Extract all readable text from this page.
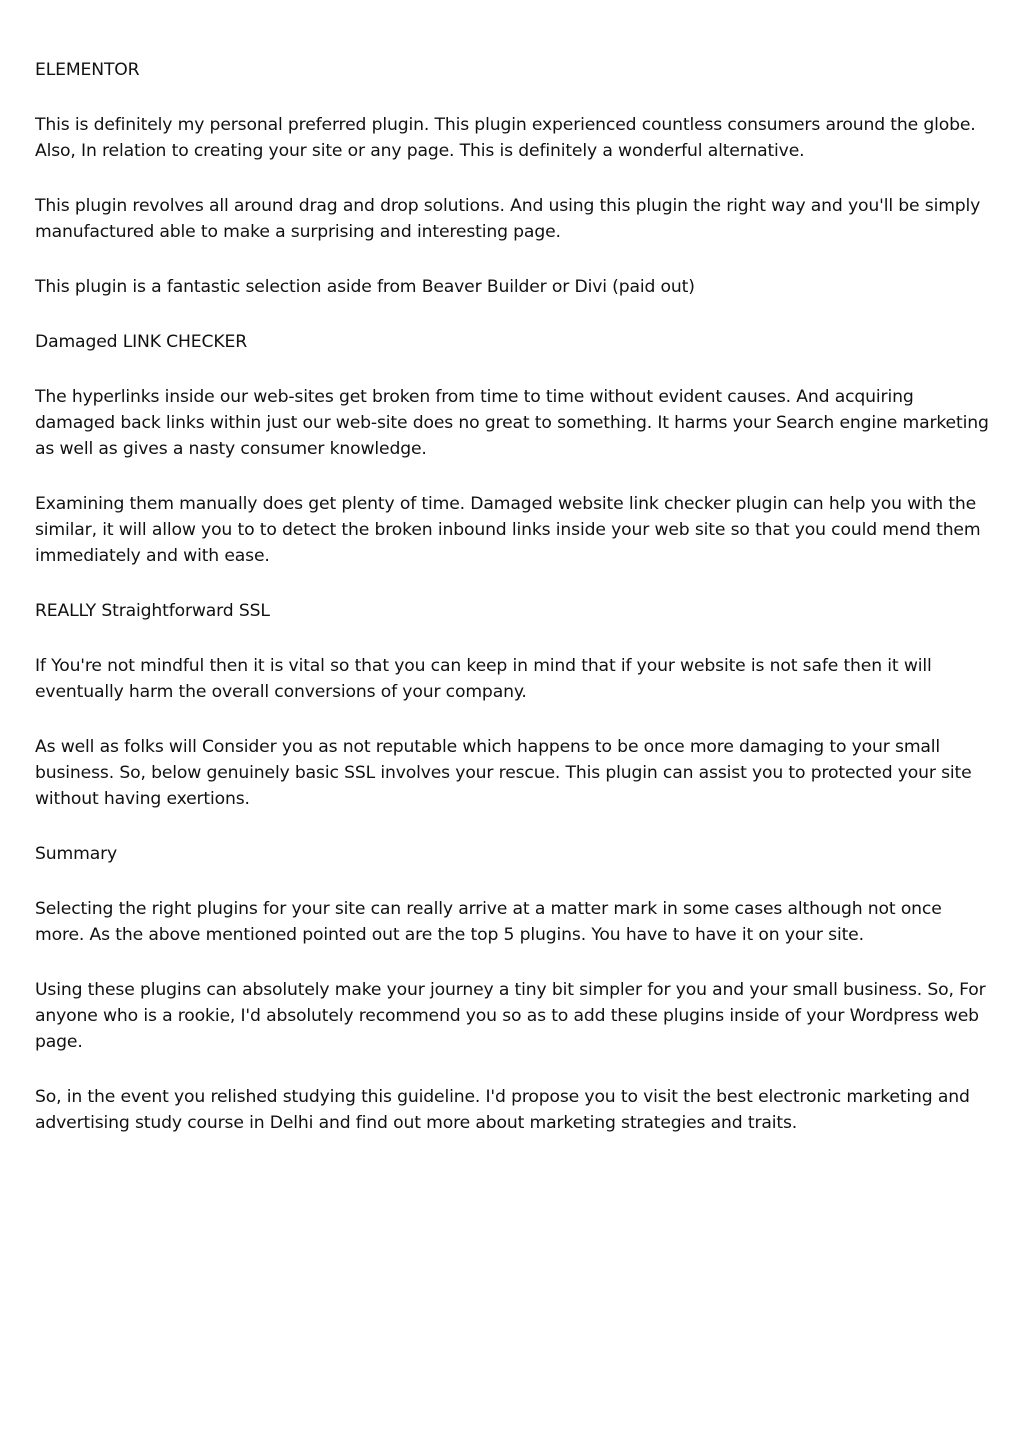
ELEMENTOR

This is definitely my personal preferred plugin. This plugin experienced countless consumers around the globe. Also, In relation to creating your site or any page. This is definitely a wonderful alternative.

This plugin revolves all around drag and drop solutions. And using this plugin the right way and you'll be simply manufactured able to make a surprising and interesting page.

This plugin is a fantastic selection aside from Beaver Builder or Divi (paid out)

Damaged LINK CHECKER

The hyperlinks inside our web-sites get broken from time to time without evident causes. And acquiring damaged back links within just our web-site does no great to something. It harms your Search engine marketing as well as gives a nasty consumer knowledge.

Examining them manually does get plenty of time. Damaged website link checker plugin can help you with the similar, it will allow you to to detect the broken inbound links inside your web site so that you could mend them immediately and with ease.

REALLY Straightforward SSL

If You're not mindful then it is vital so that you can keep in mind that if your website is not safe then it will eventually harm the overall conversions of your company.

As well as folks will Consider you as not reputable which happens to be once more damaging to your small business. So, below genuinely basic SSL involves your rescue. This plugin can assist you to protected your site without having exertions.

Summary

Selecting the right plugins for your site can really arrive at a matter mark in some cases although not once more. As the above mentioned pointed out are the top 5 plugins. You have to have it on your site.

Using these plugins can absolutely make your journey a tiny bit simpler for you and your small business. So, For anyone who is a rookie, I'd absolutely recommend you so as to add these plugins inside of your Wordpress web page.

So, in the event you relished studying this guideline. I'd propose you to visit the best electronic marketing and advertising study course in Delhi and find out more about marketing strategies and traits.
